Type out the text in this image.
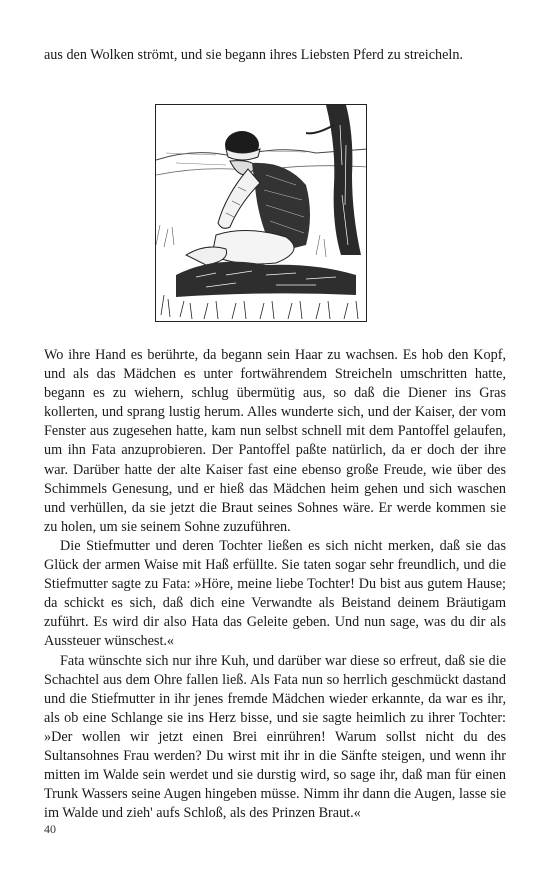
aus den Wolken strömt, und sie begann ihres Liebsten Pferd zu streicheln.

Wo ihre Hand es berührte, da begann sein Haar zu wachsen. Es hob den Kopf, und als das Mädchen es unter fortwährendem Streicheln umschritten hatte, begann es zu wiehern, schlug übermütig aus, so daß die Diener ins Gras kollerten, und sprang lustig herum. Alles wunderte sich, und der Kaiser, der vom Fenster aus zugesehen hatte, kam nun selbst schnell mit dem Pantoffel gelaufen, um ihn Fata anzuprobieren. Der Pantoffel paßte natürlich, da er doch der ihre war. Darüber hatte der alte Kaiser fast eine ebenso große Freude, wie über des Schimmels Genesung, und er hieß das Mädchen heim gehen und sich waschen und verhüllen, da sie jetzt die Braut seines Sohnes wäre. Er werde kommen sie zu holen, um sie seinem Sohne zuzuführen.

Die Stiefmutter und deren Tochter ließen es sich nicht merken, daß sie das Glück der armen Waise mit Haß erfüllte. Sie taten sogar sehr freundlich, und die Stiefmutter sagte zu Fata: »Höre, meine liebe Tochter! Du bist aus gutem Hause; da schickt es sich, daß dich eine Verwandte als Beistand deinem Bräutigam zuführt. Es wird dir also Hata das Geleite geben. Und nun sage, was du dir als Aussteuer wünschest.«

Fata wünschte sich nur ihre Kuh, und darüber war diese so erfreut, daß sie die Schachtel aus dem Ohre fallen ließ. Als Fata nun so herrlich geschmückt dastand und die Stiefmutter in ihr jenes fremde Mädchen wieder erkannte, da war es ihr, als ob eine Schlange sie ins Herz bisse, und sie sagte heimlich zu ihrer Tochter: »Der wollen wir jetzt einen Brei einrühren! Warum sollst nicht du des Sultansohnes Frau werden? Du wirst mit ihr in die Sänfte steigen, und wenn ihr mitten im Walde sein werdet und sie durstig wird, so sage ihr, daß man für einen Trunk Wassers seine Augen hingeben müsse. Nimm ihr dann die Augen, lasse sie im Walde und zieh' aufs Schloß, als des Prinzen Braut.«

40
